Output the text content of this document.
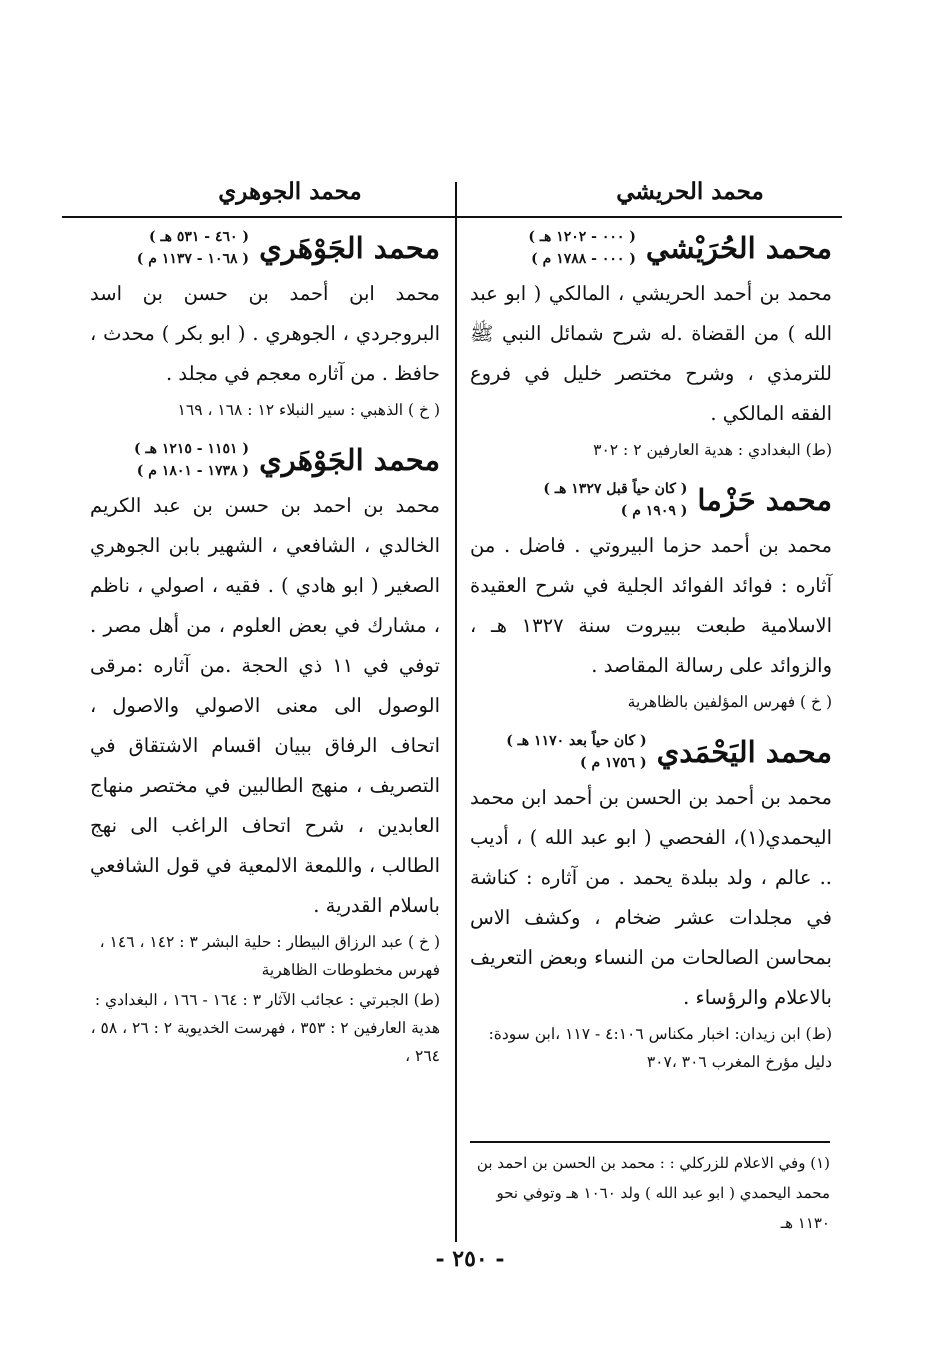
محمد الحريشي
محمد الجوهري
محمد الحُرَيْشي
( ٠٠٠ - ١٢٠٢ هـ )
( ٠٠٠ - ١٧٨٨ م )
محمد بن أحمد الحريشي ، المالكي ( ابو عبد الله ) من القضاة .له شرح شمائل النبي ﷺ للترمذي ، وشرح مختصر خليل في فروع الفقه المالكي .
(ط) البغدادي : هدية العارفين ٢ : ٣٠٢
محمد حَزْما
( كان حياً قبل ١٣٢٧ هـ )
( ١٩٠٩ م )
محمد بن أحمد حزما البيروتي . فاضل . من آثاره : فوائد الفوائد الجلية في شرح العقيدة الاسلامية طبعت ببيروت سنة ١٣٢٧ هـ ، والزوائد على رسالة المقاصد .
( خ ) فهرس المؤلفين بالظاهرية
محمد اليَحْمَدي
( كان حياً بعد ١١٧٠ هـ )
( ١٧٥٦ م )
محمد بن أحمد بن الحسن بن أحمد ابن محمد اليحمدي(١)، الفحصي ( ابو عبد الله ) ، أديب .. عالم ، ولد ببلدة يحمد . من آثاره : كناشة في مجلدات عشر ضخام ، وكشف الاس بمحاسن الصالحات من النساء وبعض التعريف بالاعلام والرؤساء .
(ط) ابن زيدان: اخبار مكناس ٤:١٠٦ - ١١٧ ،ابن سودة: دليل مؤرخ المغرب ٣٠٦ ،٣٠٧
(١) وفي الاعلام للزركلي : : محمد بن الحسن بن احمد بن محمد اليحمدي ( ابو عبد الله ) ولد ١٠٦٠ هـ وتوفي نحو ١١٣٠ هـ
محمد الجَوْهَري
( ٤٦٠ - ٥٣١ هـ )
( ١٠٦٨ - ١١٣٧ م )
محمد ابن أحمد بن حسن بن اسد البروجردي ، الجوهري . ( ابو بكر ) محدث ، حافظ . من آثاره معجم في مجلد .
( خ ) الذهبي : سير النبلاء ١٢ : ١٦٨ ، ١٦٩
محمد الجَوْهَري
( ١١٥١ - ١٢١٥ هـ )
( ١٧٣٨ - ١٨٠١ م )
محمد بن احمد بن حسن بن عبد الكريم الخالدي ، الشافعي ، الشهير بابن الجوهري الصغير ( ابو هادي ) . فقيه ، اصولي ، ناظم ، مشارك في بعض العلوم ، من أهل مصر . توفي في ١١ ذي الحجة .من آثاره :مرقى الوصول الى معنى الاصولي والاصول ، اتحاف الرفاق ببيان اقسام الاشتقاق في التصريف ، منهج الطالبين في مختصر منهاج العابدين ، شرح اتحاف الراغب الى نهج الطالب ، واللمعة الالمعية في قول الشافعي باسلام القدرية .
( خ ) عبد الرزاق البيطار : حلية البشر ٣ : ١٤٢ ، ١٤٦ ، فهرس مخطوطات الظاهرية
(ط) الجبرتي : عجائب الآثار ٣ : ١٦٤ - ١٦٦ ، البغدادي : هدية العارفين ٢ : ٣٥٣ ، فهرست الخديوية ٢ : ٢٦ ، ٥٨ ، ٢٦٤ ،
- ٢٥٠ -
